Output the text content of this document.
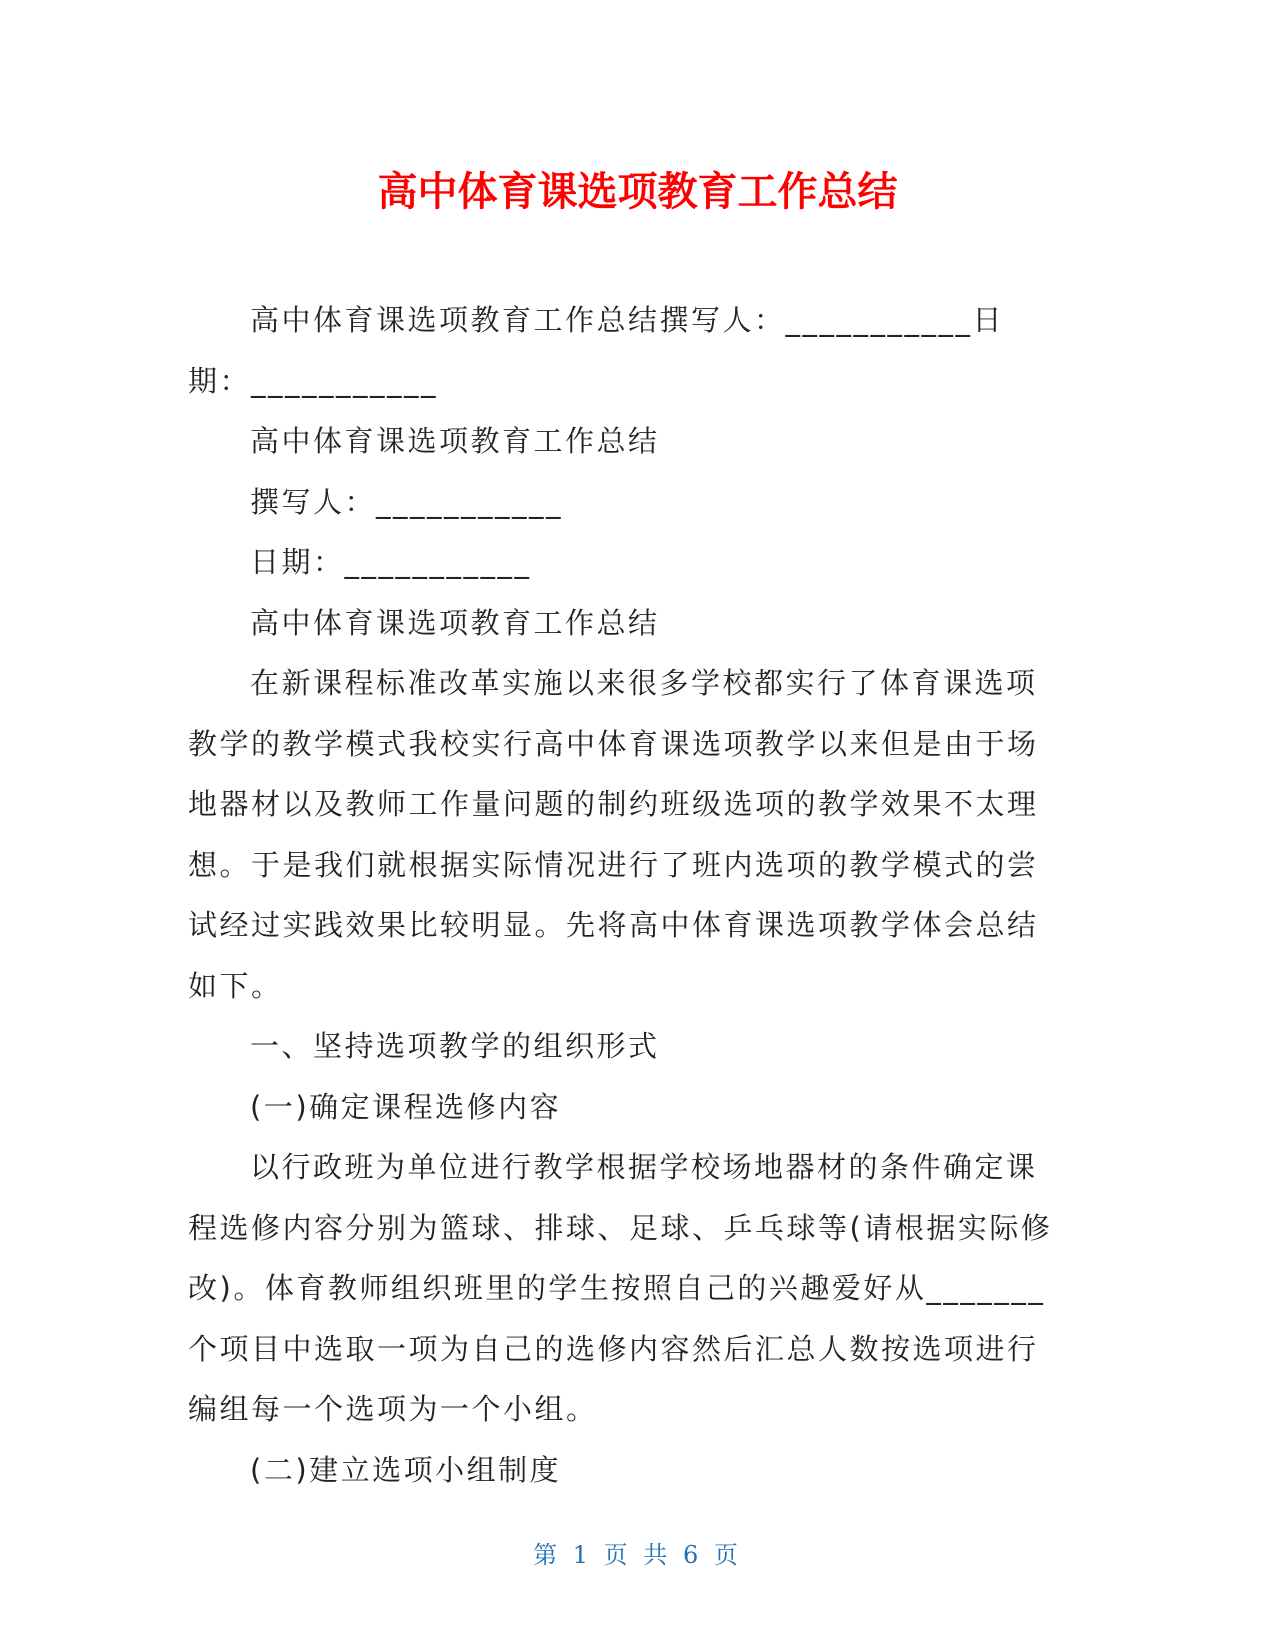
高中体育课选项教育工作总结

高中体育课选项教育工作总结撰写人：___________日期：___________

高中体育课选项教育工作总结

撰写人：___________

日期：___________

高中体育课选项教育工作总结

在新课程标准改革实施以来很多学校都实行了体育课选项教学的教学模式我校实行高中体育课选项教学以来但是由于场地器材以及教师工作量问题的制约班级选项的教学效果不太理想。于是我们就根据实际情况进行了班内选项的教学模式的尝试经过实践效果比较明显。先将高中体育课选项教学体会总结如下。

一、坚持选项教学的组织形式

(一)确定课程选修内容

以行政班为单位进行教学根据学校场地器材的条件确定课程选修内容分别为篮球、排球、足球、乒乓球等(请根据实际修改)。体育教师组织班里的学生按照自己的兴趣爱好从_______个项目中选取一项为自己的选修内容然后汇总人数按选项进行编组每一个选项为一个小组。

(二)建立选项小组制度

第 1 页 共 6 页
